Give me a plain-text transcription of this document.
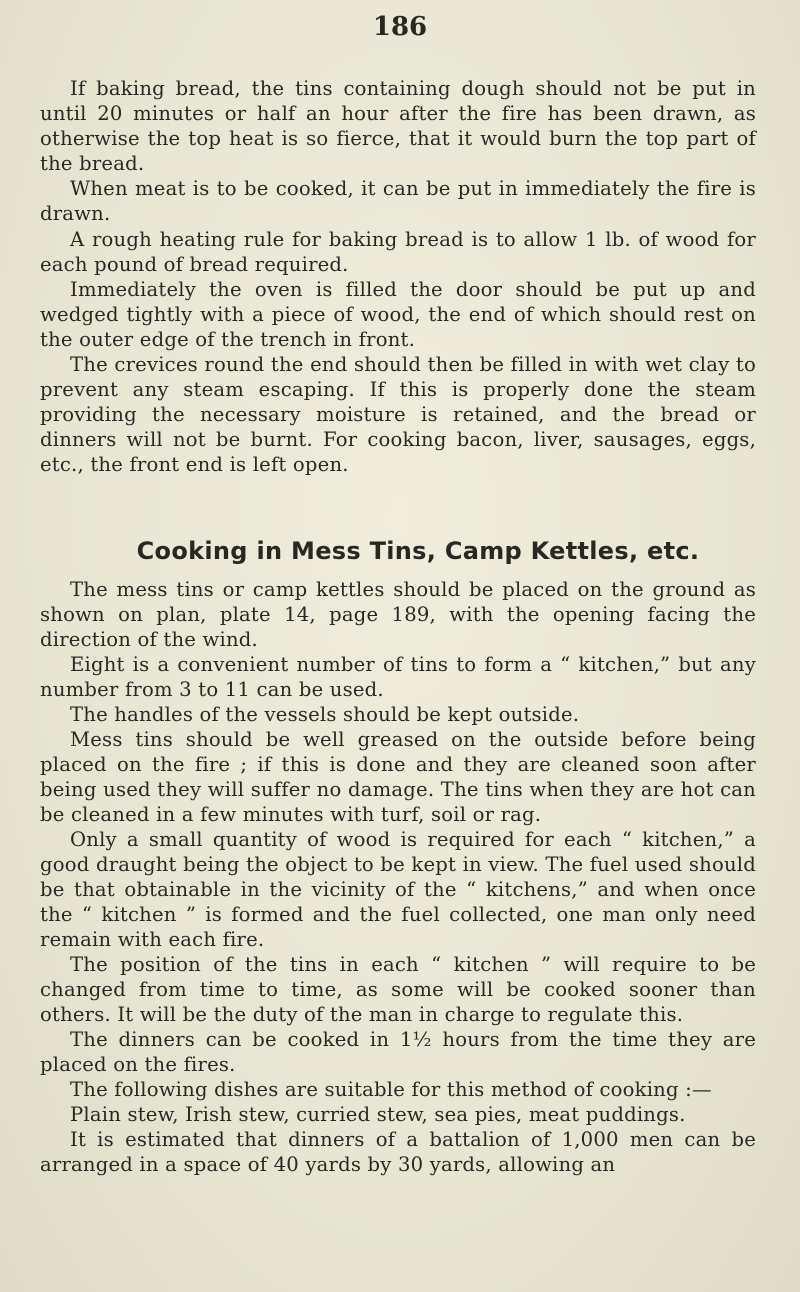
186

If baking bread, the tins containing dough should not be put in until 20 minutes or half an hour after the fire has been drawn, as otherwise the top heat is so fierce, that it would burn the top part of the bread.

When meat is to be cooked, it can be put in immediately the fire is drawn.

A rough heating rule for baking bread is to allow 1 lb. of wood for each pound of bread required.

Immediately the oven is filled the door should be put up and wedged tightly with a piece of wood, the end of which should rest on the outer edge of the trench in front.

The crevices round the end should then be filled in with wet clay to prevent any steam escaping. If this is properly done the steam providing the necessary moisture is retained, and the bread or dinners will not be burnt. For cooking bacon, liver, sausages, eggs, etc., the front end is left open.

Cooking in Mess Tins, Camp Kettles, etc.

The mess tins or camp kettles should be placed on the ground as shown on plan, plate 14, page 189, with the opening facing the direction of the wind.

Eight is a convenient number of tins to form a “ kitchen,” but any number from 3 to 11 can be used.

The handles of the vessels should be kept outside.

Mess tins should be well greased on the outside before being placed on the fire ; if this is done and they are cleaned soon after being used they will suffer no damage. The tins when they are hot can be cleaned in a few minutes with turf, soil or rag.

Only a small quantity of wood is required for each “ kitchen,” a good draught being the object to be kept in view. The fuel used should be that obtainable in the vicinity of the “ kitchens,” and when once the “ kitchen ” is formed and the fuel collected, one man only need remain with each fire.

The position of the tins in each “ kitchen ” will require to be changed from time to time, as some will be cooked sooner than others. It will be the duty of the man in charge to regulate this.

The dinners can be cooked in 1½ hours from the time they are placed on the fires.

The following dishes are suitable for this method of cooking :—

Plain stew, Irish stew, curried stew, sea pies, meat puddings.

It is estimated that dinners of a battalion of 1,000 men can be arranged in a space of 40 yards by 30 yards, allowing an
